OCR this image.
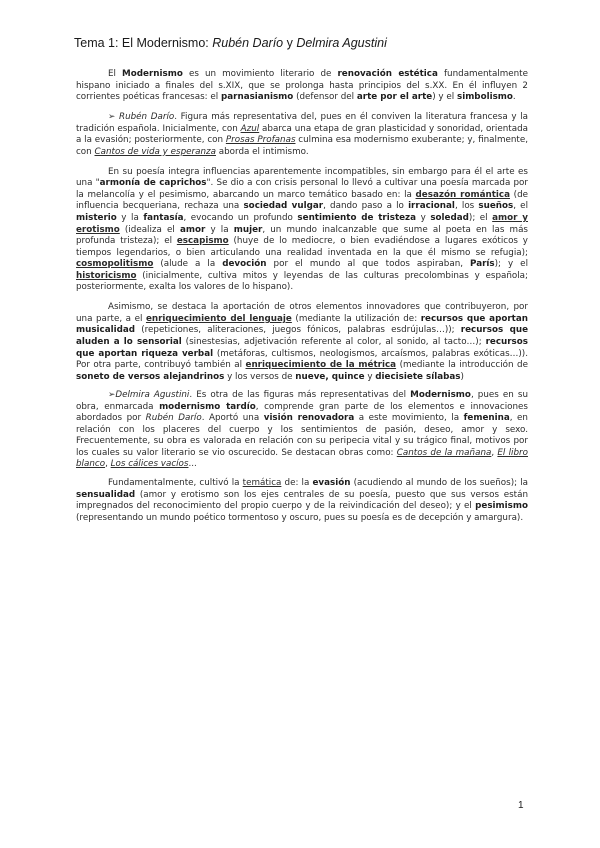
Tema 1: El Modernismo: Rubén Darío y Delmira Agustini

El Modernismo es un movimiento literario de renovación estética fundamentalmente hispano iniciado a finales del s.XIX, que se prolonga hasta principios del s.XX. En él influyen 2 corrientes poéticas francesas: el parnasianismo (defensor del arte por el arte) y el simbolismo.

➢ Rubén Darío. Figura más representativa del, pues en él conviven la literatura francesa y la tradición española. Inicialmente, con Azul abarca una etapa de gran plasticidad y sonoridad, orientada a la evasión; posteriormente, con Prosas Profanas culmina esa modernismo exuberante; y, finalmente, con Cantos de vida y esperanza aborda el intimismo.

En su poesía integra influencias aparentemente incompatibles, sin embargo para él el arte es una "armonía de caprichos". Se dio a con crisis personal lo llevó a cultivar una poesía marcada por la melancolía y el pesimismo, abarcando un marco temático basado en: la desazón romántica (de influencia becqueriana, rechaza una sociedad vulgar, dando paso a lo irracional, los sueños, el misterio y la fantasía, evocando un profundo sentimiento de tristeza y soledad); el amor y erotismo (idealiza el amor y la mujer, un mundo inalcanzable que sume al poeta en las más profunda tristeza); el escapismo (huye de lo mediocre, o bien evadiéndose a lugares exóticos y tiempos legendarios, o bien articulando una realidad inventada en la que él mismo se refugia); cosmopolitismo (alude a la devoción por el mundo al que todos aspiraban, París); y el historicismo (inicialmente, cultiva mitos y leyendas de las culturas precolombinas y española; posteriormente, exalta los valores de lo hispano).

Asimismo, se destaca la aportación de otros elementos innovadores que contribuyeron, por una parte, a el enriquecimiento del lenguaje (mediante la utilización de: recursos que aportan musicalidad (repeticiones, aliteraciones, juegos fónicos, palabras esdrújulas…)); recursos que aluden a lo sensorial (sinestesias, adjetivación referente al color, al sonido, al tacto…); recursos que aportan riqueza verbal (metáforas, cultismos, neologismos, arcaísmos, palabras exóticas…)). Por otra parte, contribuyó también al enriquecimiento de la métrica (mediante la introducción de soneto de versos alejandrinos y los versos de nueve, quince y diecisiete sílabas)

➢Delmira Agustini. Es otra de las figuras más representativas del Modernismo, pues en su obra, enmarcada modernismo tardío, comprende gran parte de los elementos e innovaciones abordados por Rubén Darío. Aportó una visión renovadora a este movimiento, la femenina, en relación con los placeres del cuerpo y los sentimientos de pasión, deseo, amor y sexo. Frecuentemente, su obra es valorada en relación con su peripecia vital y su trágico final, motivos por los cuales su valor literario se vio oscurecido. Se destacan obras como: Cantos de la mañana, El libro blanco, Los cálices vacíos...

Fundamentalmente, cultivó la temática de: la evasión (acudiendo al mundo de los sueños); la sensualidad (amor y erotismo son los ejes centrales de su poesía, puesto que sus versos están impregnados del reconocimiento del propio cuerpo y de la reivindicación del deseo); y el pesimismo (representando un mundo poético tormentoso y oscuro, pues su poesía es de decepción y amargura).

1
